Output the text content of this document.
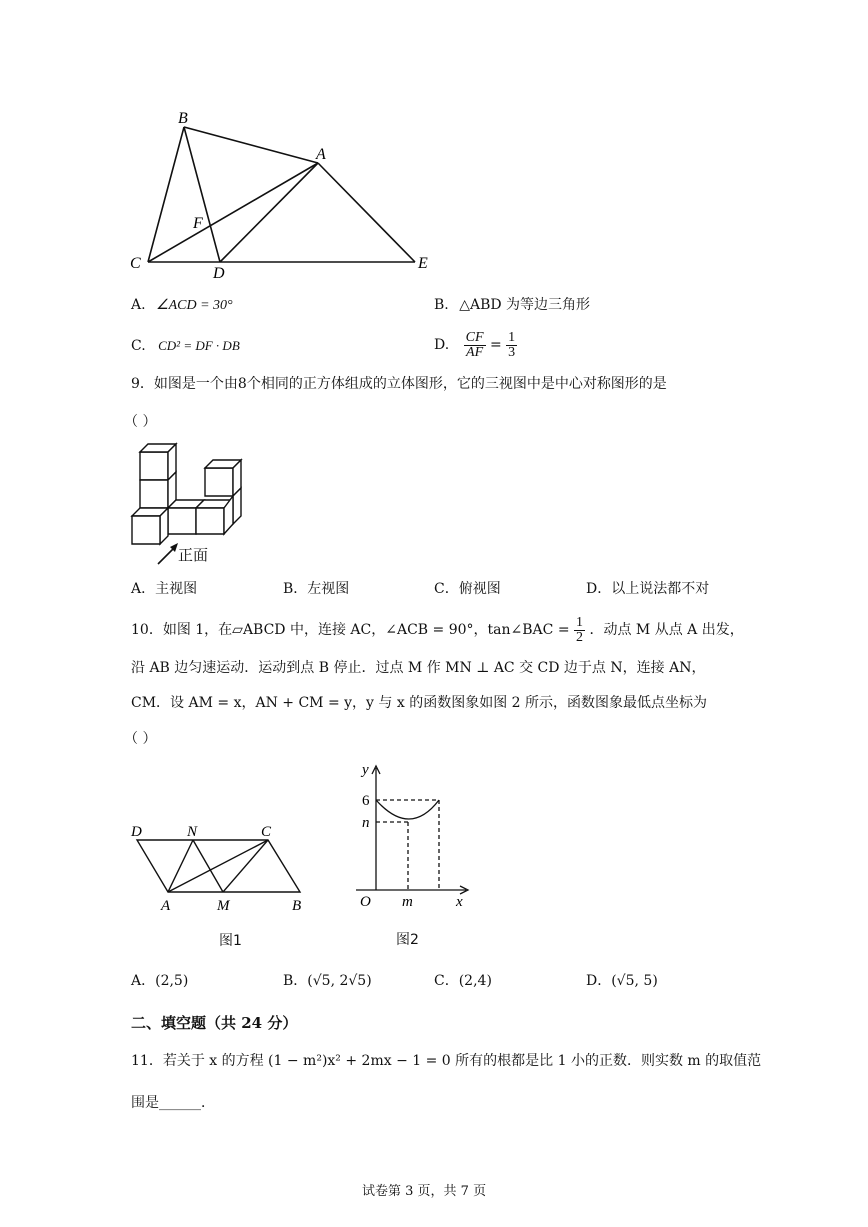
B
A
F
C
D
E
A. ∠ACD = 30°	B. △ABD 为等边三角形
C. CD² = DF · DB	D. $\frac{CF}{AF} = \frac{1}{3}$
9．如图是一个由8个相同的正方体组成的立体图形，它的三视图中是中心对称图形的是
（ ）
正面
A．主视图	B．左视图	C．俯视图	D．以上说法都不对
10．如图 1，在▱ABCD 中，连接 AC，∠ACB = 90°，tan∠BAC = $\frac{1}{2}$ ．动点 M 从点 A 出发，
沿 AB 边匀速运动．运动到点 B 停止．过点 M 作 MN ⊥ AC 交 CD 边于点 N，连接 AN，
CM．设 AM = x，AN + CM = y，y 与 x 的函数图象如图 2 所示，函数图象最低点坐标为
（ ）
D	N	C
A	M	B
图1
y
6
n
O m	x
图2
A．(2,5)	B．(√5, 2√5)	C．(2,4)	D．(√5, 5)
二、填空题（共 24 分）
11．若关于 x 的方程 (1 − m²)x² + 2mx − 1 = 0 所有的根都是比 1 小的正数．则实数 m 的取值范
围是______．
试卷第 3 页，共 7 页
